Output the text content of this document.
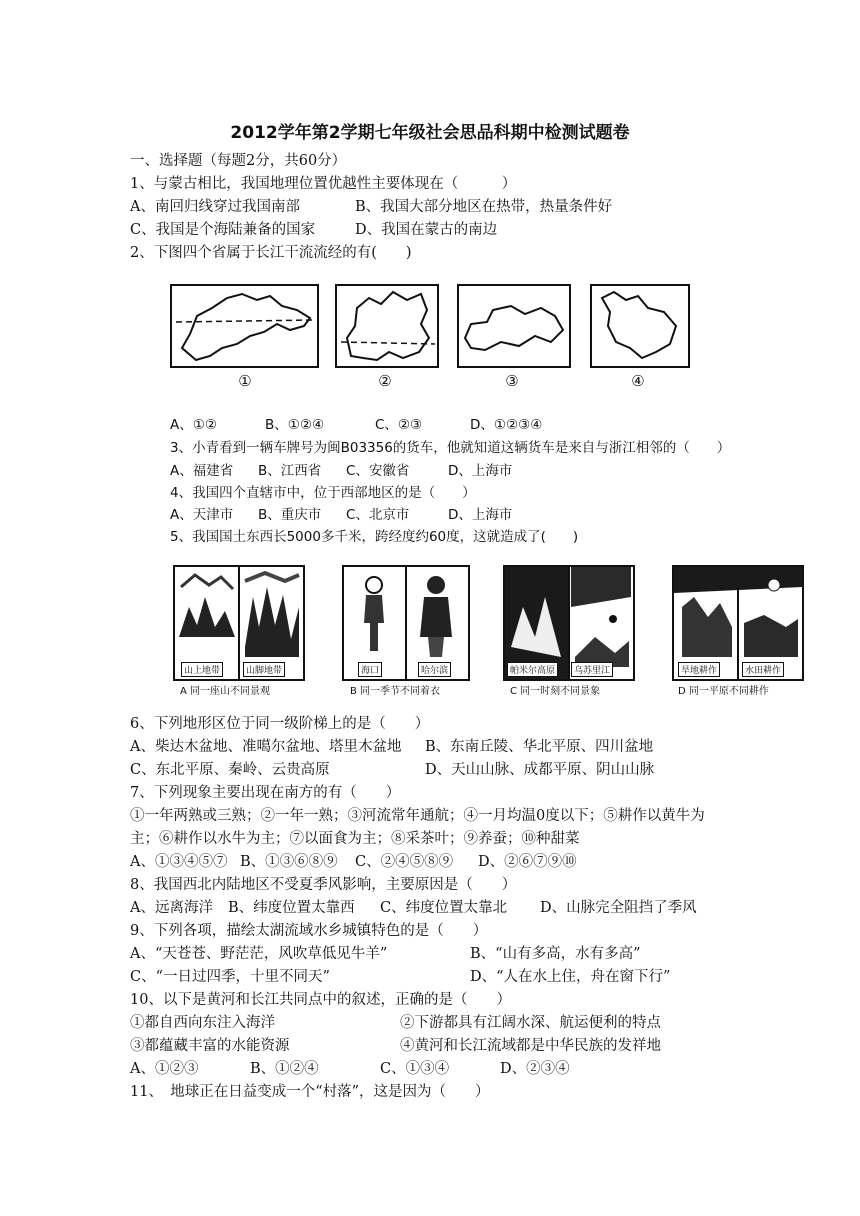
2012学年第2学期七年级社会思品科期中检测试题卷
一、选择题（每题2分，共60分）
1、与蒙古相比，我国地理位置优越性主要体现在（　　　）
A、南回归线穿过我国南部	B、我国大部分地区在热带，热量条件好
C、我国是个海陆兼备的国家	D、我国在蒙古的南边
2、下图四个省属于长江干流流经的有(　　)
①	②	③	④
A、①②	B、①②④	C、②③	D、①②③④
3、小青看到一辆车牌号为闽B03356的货车，他就知道这辆货车是来自与浙江相邻的（　　）
A、福建省 B、江西省 C、安徽省	D、上海市
4、我国四个直辖市中，位于西部地区的是（　　）
A、天津市 B、重庆市 C、北京市	D、上海市
5、我国国土东西长5000多千米，跨经度约60度，这就造成了(　　)
山上地带	山脚地带
A 同一座山不同景观
海口	哈尔滨
B 同一季节不同着衣
帕米尔高原	乌苏里江
C 同一时刻不同景象
旱地耕作	水田耕作
D 同一平原不同耕作
6、下列地形区位于同一级阶梯上的是（　　）
A、柴达木盆地、准噶尔盆地、塔里木盆地 B、东南丘陵、华北平原、四川盆地
C、东北平原、秦岭、云贵高原	D、天山山脉、成都平原、阴山山脉
7、下列现象主要出现在南方的有（　　）
①一年两熟或三熟；②一年一熟；③河流常年通航；④一月均温0度以下；⑤耕作以黄牛为
主；⑥耕作以水牛为主；⑦以面食为主；⑧采茶叶；⑨养蚕；⑩种甜菜
A、①③④⑤⑦ B、①③⑥⑧⑨ C、②④⑤⑧⑨ D、②⑥⑦⑨⑩
8、我国西北内陆地区不受夏季风影响，主要原因是（　　）
A、远离海洋 B、纬度位置太靠西 C、纬度位置太靠北 D、山脉完全阻挡了季风
9、下列各项，描绘太湖流域水乡城镇特色的是（　　）
A、“天苍苍、野茫茫，风吹草低见牛羊”	B、“山有多高，水有多高”
C、“一日过四季，十里不同天”	D、“人在水上住，舟在窗下行”
10、以下是黄河和长江共同点中的叙述，正确的是（　　）
①都自西向东注入海洋	②下游都具有江阔水深、航运便利的特点
③都蕴藏丰富的水能资源	④黄河和长江流域都是中华民族的发祥地
A、①②③	B、①②④	C、①③④	D、②③④
11、　地球正在日益变成一个“村落”，这是因为（　　）
